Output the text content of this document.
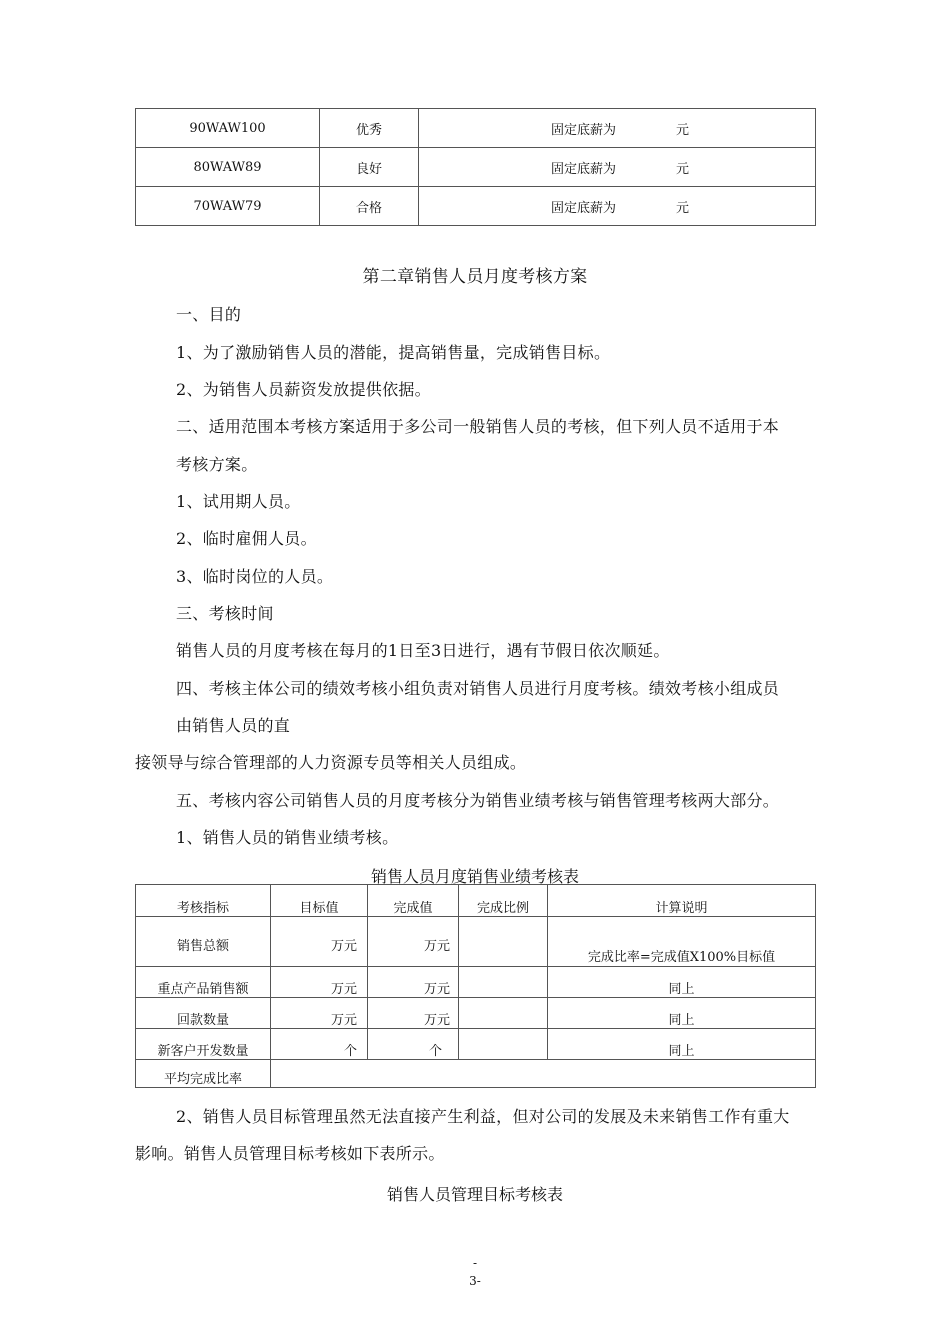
90WAW100	优秀	固定底薪为 元
80WAW89	良好	固定底薪为 元
70WAW79	合格	固定底薪为 元
第二章销售人员月度考核方案
一、目的
1、为了激励销售人员的潜能，提高销售量，完成销售目标。
2、为销售人员薪资发放提供依据。
二、适用范围本考核方案适用于多公司一般销售人员的考核，但下列人员不适用于本
考核方案。
1、试用期人员。
2、临时雇佣人员。
3、临时岗位的人员。
三、考核时间
销售人员的月度考核在每月的1日至3日进行，遇有节假日依次顺延。
四、考核主体公司的绩效考核小组负责对销售人员进行月度考核。绩效考核小组成员
由销售人员的直
接领导与综合管理部的人力资源专员等相关人员组成。
五、考核内容公司销售人员的月度考核分为销售业绩考核与销售管理考核两大部分。
1、销售人员的销售业绩考核。
销售人员月度销售业绩考核表
考核指标	目标值	完成值	完成比例	计算说明
销售总额	万元	万元		完成比率=完成值X100%目标值
重点产品销售额	万元	万元		同上
回款数量	万元	万元		同上
新客户开发数量	个	个		同上
平均完成比率				
2、销售人员目标管理虽然无法直接产生利益，但对公司的发展及未来销售工作有重大
影响。销售人员管理目标考核如下表所示。
销售人员管理目标考核表
-
3-
